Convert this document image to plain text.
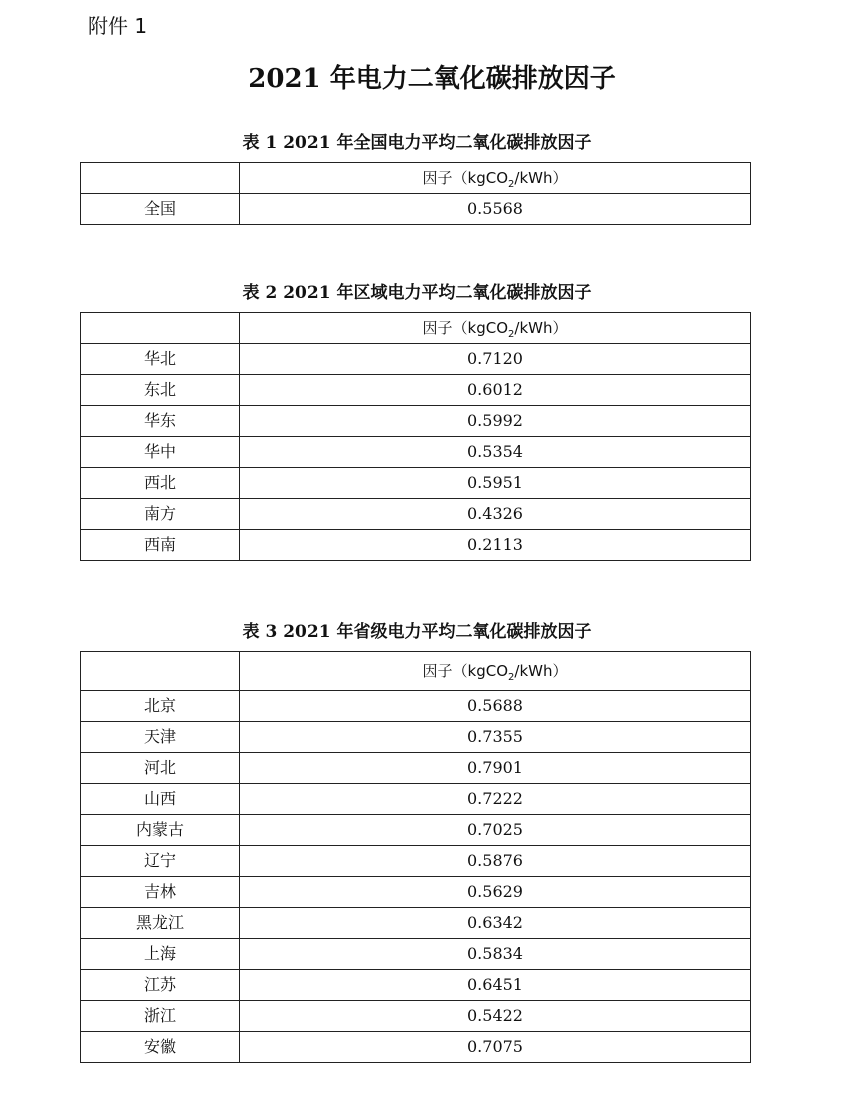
附件 1
2021 年电力二氧化碳排放因子
表 1 2021 年全国电力平均二氧化碳排放因子
	因子（kgCO$_2$/kWh）
全国	0.5568
表 2 2021 年区域电力平均二氧化碳排放因子
	因子（kgCO$_2$/kWh）
华北	0.7120
东北	0.6012
华东	0.5992
华中	0.5354
西北	0.5951
南方	0.4326
西南	0.2113
表 3 2021 年省级电力平均二氧化碳排放因子
	因子（kgCO$_2$/kWh）
北京	0.5688
天津	0.7355
河北	0.7901
山西	0.7222
内蒙古	0.7025
辽宁	0.5876
吉林	0.5629
黑龙江	0.6342
上海	0.5834
江苏	0.6451
浙江	0.5422
安徽	0.7075
